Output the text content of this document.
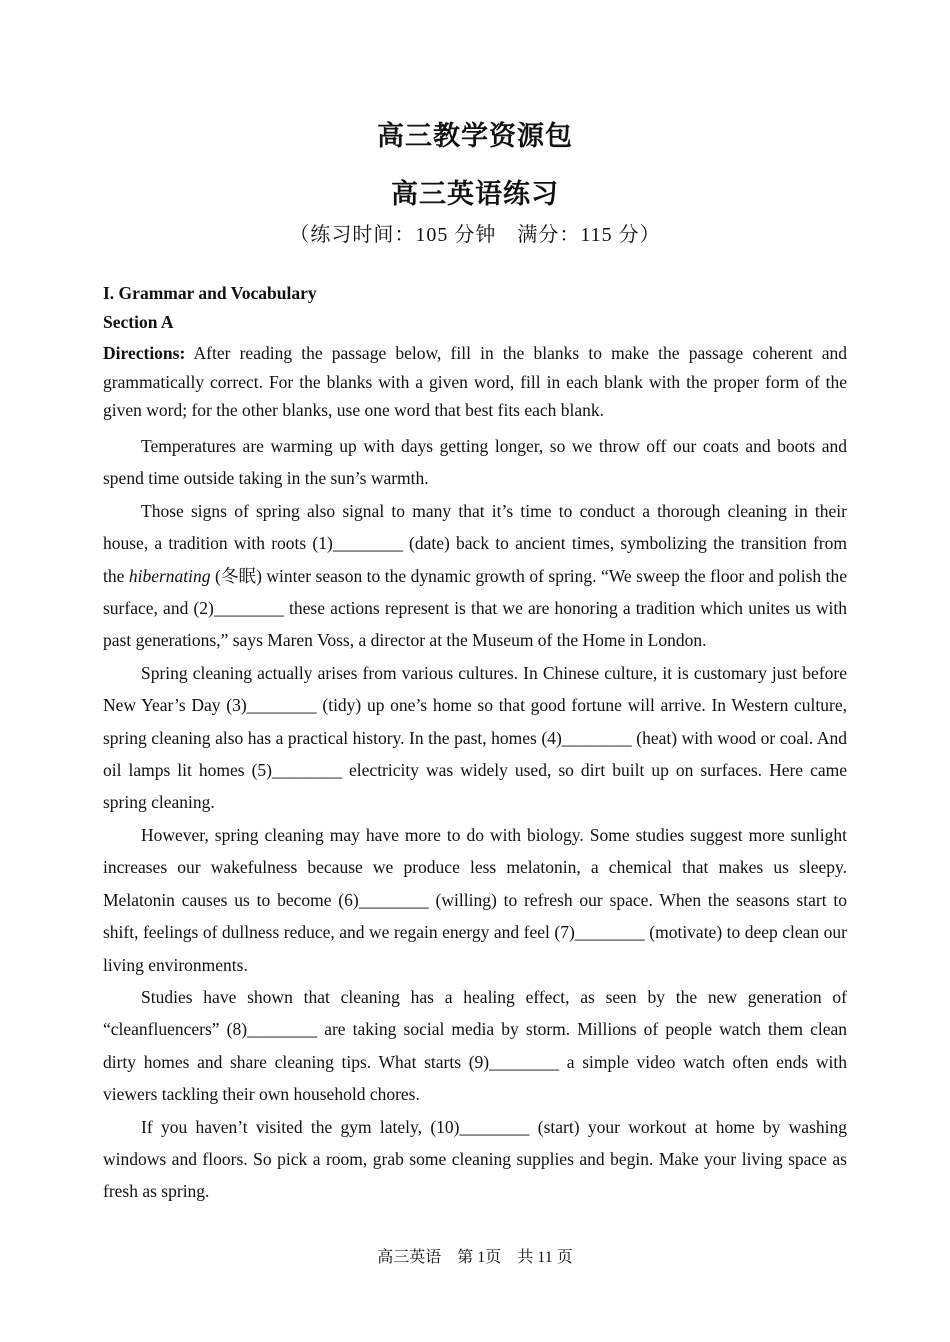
高三教学资源包
高三英语练习
（练习时间：105 分钟　满分：115 分）
I. Grammar and Vocabulary
Section A
Directions: After reading the passage below, fill in the blanks to make the passage coherent and grammatically correct. For the blanks with a given word, fill in each blank with the proper form of the given word; for the other blanks, use one word that best fits each blank.

Temperatures are warming up with days getting longer, so we throw off our coats and boots and spend time outside taking in the sun’s warmth.

Those signs of spring also signal to many that it’s time to conduct a thorough cleaning in their house, a tradition with roots (1)________ (date) back to ancient times, symbolizing the transition from the hibernating (冬眠) winter season to the dynamic growth of spring. “We sweep the floor and polish the surface, and (2)________ these actions represent is that we are honoring a tradition which unites us with past generations,” says Maren Voss, a director at the Museum of the Home in London.

Spring cleaning actually arises from various cultures. In Chinese culture, it is customary just before New Year’s Day (3)________ (tidy) up one’s home so that good fortune will arrive. In Western culture, spring cleaning also has a practical history. In the past, homes (4)________ (heat) with wood or coal. And oil lamps lit homes (5)________ electricity was widely used, so dirt built up on surfaces. Here came spring cleaning.

However, spring cleaning may have more to do with biology. Some studies suggest more sunlight increases our wakefulness because we produce less melatonin, a chemical that makes us sleepy. Melatonin causes us to become (6)________ (willing) to refresh our space. When the seasons start to shift, feelings of dullness reduce, and we regain energy and feel (7)________ (motivate) to deep clean our living environments.

Studies have shown that cleaning has a healing effect, as seen by the new generation of “cleanfluencers” (8)________ are taking social media by storm. Millions of people watch them clean dirty homes and share cleaning tips. What starts (9)________ a simple video watch often ends with viewers tackling their own household chores.

If you haven’t visited the gym lately, (10)________ (start) your workout at home by washing windows and floors. So pick a room, grab some cleaning supplies and begin. Make your living space as fresh as spring.

高三英语　第 1页　共 11 页
